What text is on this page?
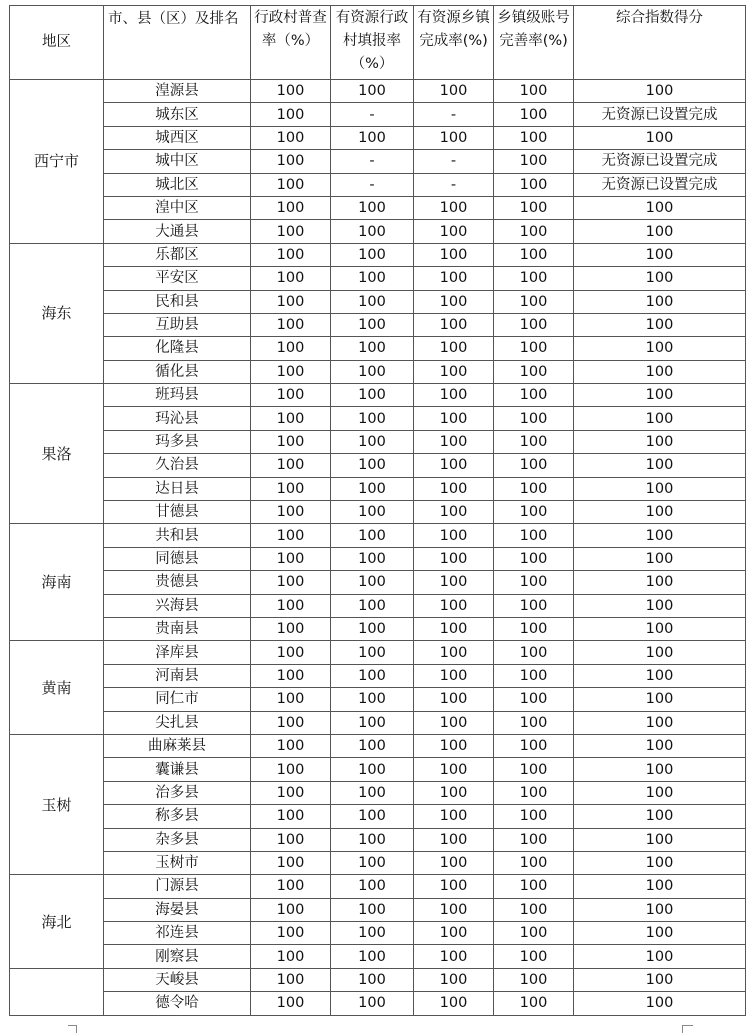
地区	市、县（区）及排名	行政村普查率（%）	有资源行政村填报率（%）	有资源乡镇完成率(%)	乡镇级账号完善率(%)	综合指数得分
西宁市	湟源县	100	100	100	100	100
	城东区	100	-	-	100	无资源已设置完成
	城西区	100	100	100	100	100
	城中区	100	-	-	100	无资源已设置完成
	城北区	100	-	-	100	无资源已设置完成
	湟中区	100	100	100	100	100
	大通县	100	100	100	100	100
海东	乐都区	100	100	100	100	100
	平安区	100	100	100	100	100
	民和县	100	100	100	100	100
	互助县	100	100	100	100	100
	化隆县	100	100	100	100	100
	循化县	100	100	100	100	100
果洛	班玛县	100	100	100	100	100
	玛沁县	100	100	100	100	100
	玛多县	100	100	100	100	100
	久治县	100	100	100	100	100
	达日县	100	100	100	100	100
	甘德县	100	100	100	100	100
海南	共和县	100	100	100	100	100
	同德县	100	100	100	100	100
	贵德县	100	100	100	100	100
	兴海县	100	100	100	100	100
	贵南县	100	100	100	100	100
黄南	泽库县	100	100	100	100	100
	河南县	100	100	100	100	100
	同仁市	100	100	100	100	100
	尖扎县	100	100	100	100	100
玉树	曲麻莱县	100	100	100	100	100
	囊谦县	100	100	100	100	100
	治多县	100	100	100	100	100
	称多县	100	100	100	100	100
	杂多县	100	100	100	100	100
	玉树市	100	100	100	100	100
海北	门源县	100	100	100	100	100
	海晏县	100	100	100	100	100
	祁连县	100	100	100	100	100
	刚察县	100	100	100	100	100
	天峻县	100	100	100	100	100
	德令哈	100	100	100	100	100
